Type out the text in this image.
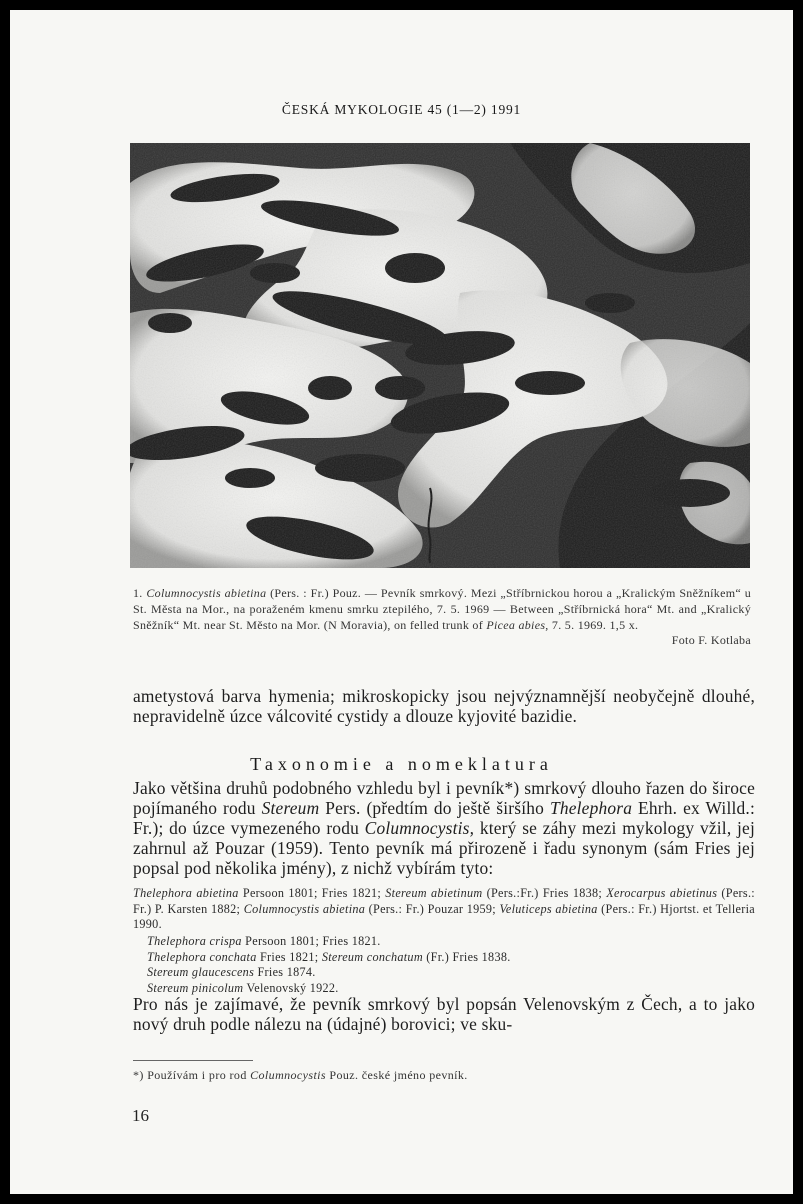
ČESKÁ MYKOLOGIE 45 (1—2) 1991
1. Columnocystis abietina (Pers. : Fr.) Pouz. — Pevník smrkový. Mezi „Stříbrnickou horou a „Kralickým Sněžníkem“ u St. Města na Mor., na poraženém kmenu smrku ztepilého, 7. 5. 1969 — Between „Stříbrnická hora“ Mt. and „Kralický Sněžník“ Mt. near St. Město na Mor. (N Moravia), on felled trunk of Picea abies, 7. 5. 1969. 1,5 x.
Foto F. Kotlaba
ametystová barva hymenia; mikroskopicky jsou nejvýznamnější neobyčejně dlouhé, nepravidelně úzce válcovité cystidy a dlouze kyjovité bazidie.
Taxonomie a nomeklatura
Jako většina druhů podobného vzhledu byl i pevník*) smrkový dlouho řazen do široce pojímaného rodu Stereum Pers. (předtím do ještě širšího Thelephora Ehrh. ex Willd.: Fr.); do úzce vymezeného rodu Columnocystis, který se záhy mezi mykology vžil, jej zahrnul až Pouzar (1959). Tento pevník má přirozeně i řadu synonym (sám Fries jej popsal pod několika jmény), z nichž vybírám tyto:
Thelephora abietina Persoon 1801; Fries 1821; Stereum abietinum (Pers.:Fr.) Fries 1838; Xerocarpus abietinus (Pers.: Fr.) P. Karsten 1882; Columnocystis abietina (Pers.: Fr.) Pouzar 1959; Veluticeps abietina (Pers.: Fr.) Hjortst. et Telleria 1990.
Thelephora crispa Persoon 1801; Fries 1821.
Thelephora conchata Fries 1821; Stereum conchatum (Fr.) Fries 1838.
Stereum glaucescens Fries 1874.
Stereum pinicolum Velenovský 1922.
Pro nás je zajímavé, že pevník smrkový byl popsán Velenovským z Čech, a to jako nový druh podle nálezu na (údajné) borovici; ve sku-
*) Používám i pro rod Columnocystis Pouz. české jméno pevník.
16
